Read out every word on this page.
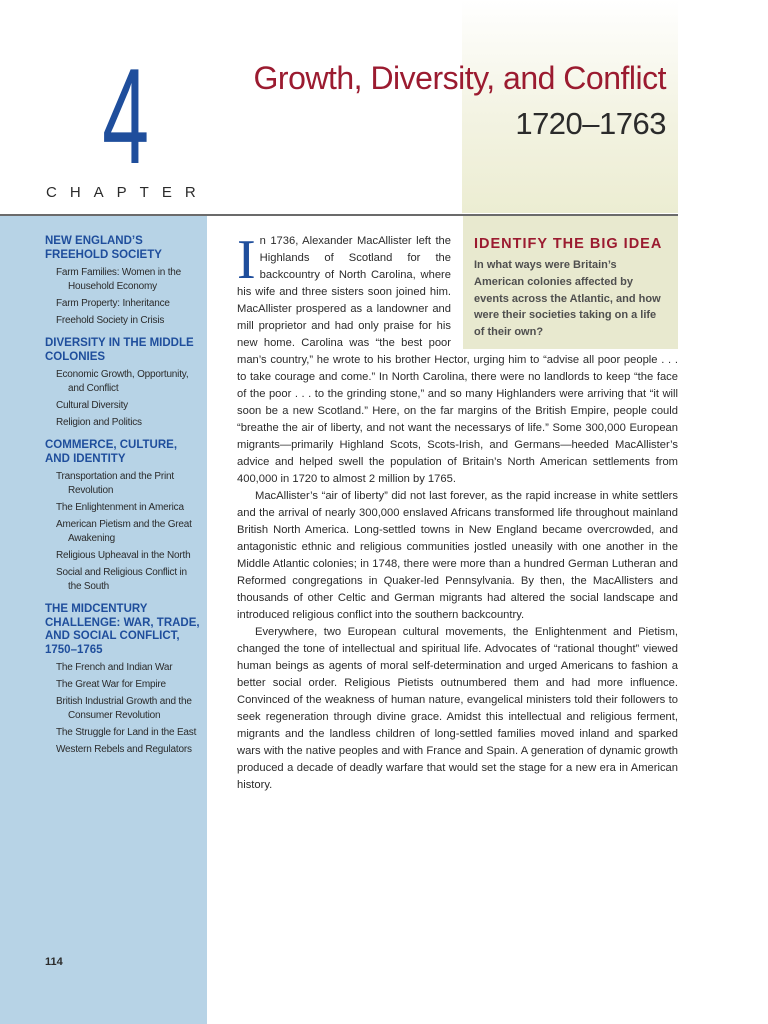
4
CHAPTER
Growth, Diversity, and Conflict
1720–1763
NEW ENGLAND’S FREEHOLD SOCIETY
Farm Families: Women in the Household Economy
Farm Property: Inheritance
Freehold Society in Crisis
DIVERSITY IN THE MIDDLE COLONIES
Economic Growth, Opportunity, and Conflict
Cultural Diversity
Religion and Politics
COMMERCE, CULTURE, AND IDENTITY
Transportation and the Print Revolution
The Enlightenment in America
American Pietism and the Great Awakening
Religious Upheaval in the North
Social and Religious Conflict in the South
THE MIDCENTURY CHALLENGE: WAR, TRADE, AND SOCIAL CONFLICT, 1750–1765
The French and Indian War
The Great War for Empire
British Industrial Growth and the Consumer Revolution
The Struggle for Land in the East
Western Rebels and Regulators
114
IDENTIFY THE BIG IDEA
In what ways were Britain’s American colonies affected by events across the Atlantic, and how were their societies taking on a life of their own?

In 1736, Alexander MacAllister left the Highlands of Scotland for the backcountry of North Carolina, where his wife and three sisters soon joined him. MacAllister prospered as a landowner and mill proprietor and had only praise for his new home. Carolina was “the best poor man’s country,” he wrote to his brother Hector, urging him to “advise all poor people . . . to take courage and come.” In North Carolina, there were no landlords to keep “the face of the poor . . . to the grinding stone,” and so many Highlanders were arriving that “it will soon be a new Scotland.” Here, on the far margins of the British Empire, people could “breathe the air of liberty, and not want the necessarys of life.” Some 300,000 European migrants—primarily Highland Scots, Scots-Irish, and Germans—heeded MacAllister’s advice and helped swell the population of Britain’s North American settlements from 400,000 in 1720 to almost 2 million by 1765.

MacAllister’s “air of liberty” did not last forever, as the rapid increase in white settlers and the arrival of nearly 300,000 enslaved Africans transformed life throughout mainland British North America. Long-settled towns in New England became overcrowded, and antagonistic ethnic and religious communities jostled uneasily with one another in the Middle Atlantic colonies; in 1748, there were more than a hundred German Lutheran and Reformed congregations in Quaker-led Pennsylvania. By then, the MacAllisters and thousands of other Celtic and German migrants had altered the social landscape and introduced religious conflict into the southern backcountry.

Everywhere, two European cultural movements, the Enlightenment and Pietism, changed the tone of intellectual and spiritual life. Advocates of “rational thought” viewed human beings as agents of moral self-determination and urged Americans to fashion a better social order. Religious Pietists outnumbered them and had more influence. Convinced of the weakness of human nature, evangelical ministers told their followers to seek regeneration through divine grace. Amidst this intellectual and religious ferment, migrants and the landless children of long-settled families moved inland and sparked wars with the native peoples and with France and Spain. A generation of dynamic growth produced a decade of deadly warfare that would set the stage for a new era in American history.
